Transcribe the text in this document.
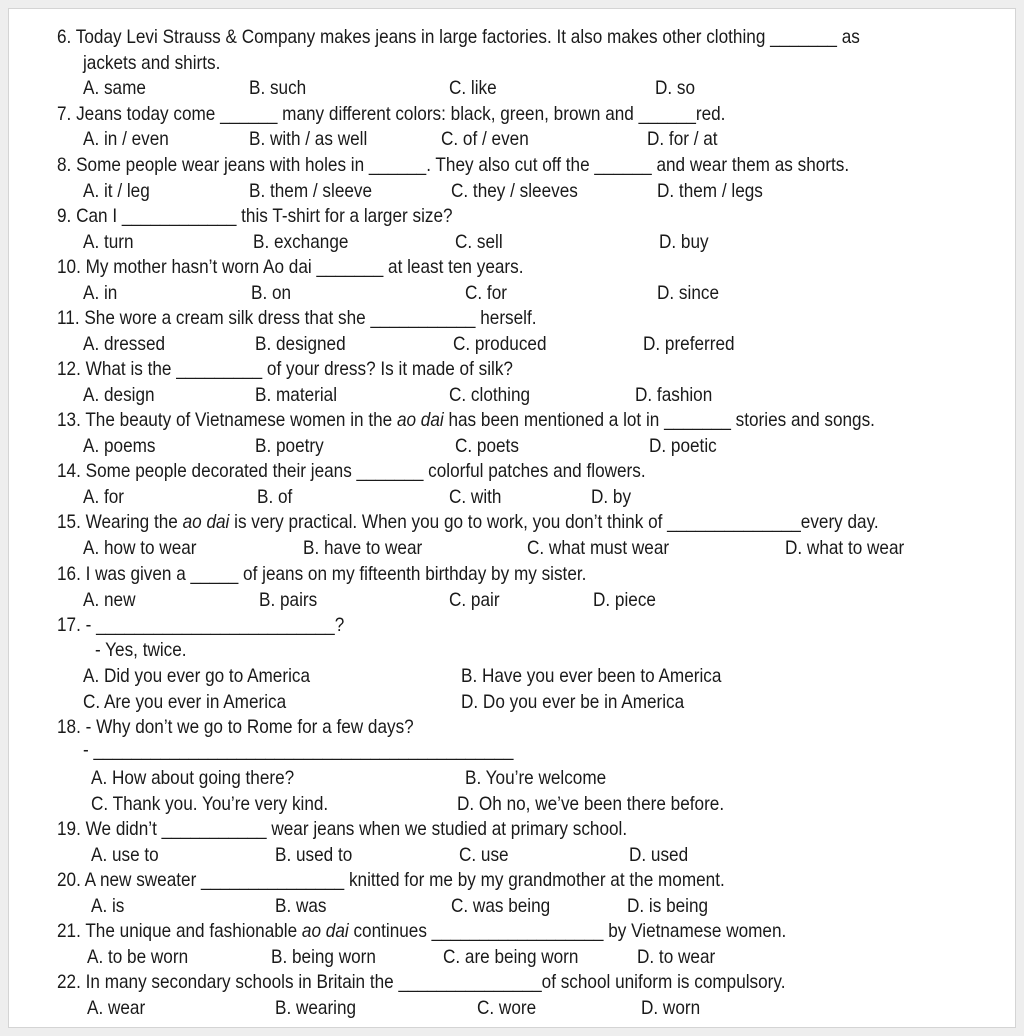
6. Today Levi Strauss & Company makes jeans in large factories. It also makes other clothing _______ as
jackets and shirts.
A. same	B. such	C. like	D. so
7. Jeans today come ______ many different colors: black, green, brown and ______red.
A. in / even	B. with / as well	C. of / even	D. for / at
8. Some people wear jeans with holes in ______. They also cut off the ______ and wear them as shorts.
A. it / leg	B. them / sleeve	C. they / sleeves	D. them / legs
9. Can I ____________ this T-shirt for a larger size?
A. turn	B. exchange	C. sell	D. buy
10. My mother hasn’t worn Ao dai _______ at least ten years.
A. in	B. on	C. for	D. since
11. She wore a cream silk dress that she ___________ herself.
A. dressed	B. designed	C. produced	D. preferred
12. What is the _________ of your dress? Is it made of silk?
A. design	B. material	C. clothing	D. fashion
13. The beauty of Vietnamese women in the ao dai has been mentioned a lot in _______ stories and songs.
A. poems	B. poetry	C. poets	D. poetic
14. Some people decorated their jeans _______ colorful patches and flowers.
A. for	B. of	C. with	D. by
15. Wearing the ao dai is very practical. When you go to work, you don’t think of ______________every day.
A. how to wear	B. have to wear	C. what must wear	D. what to wear
16. I was given a _____ of jeans on my fifteenth birthday by my sister.
A. new	B. pairs	C. pair	D. piece
17. - _________________________?
- Yes, twice.
A. Did you ever go to America	B. Have you ever been to America
C. Are you ever in America	D. Do you ever be in America
18. - Why don’t we go to Rome for a few days?
- ____________________________________________
A. How about going there?	B. You’re welcome
C. Thank you. You’re very kind.	D. Oh no, we’ve been there before.
19. We didn’t ___________ wear jeans when we studied at primary school.
A. use to	B. used to	C. use	D. used
20. A new sweater _______________ knitted for me by my grandmother at the moment.
A. is	B. was	C. was being	D. is being
21. The unique and fashionable ao dai continues __________________ by Vietnamese women.
A. to be worn	B. being worn	C. are being worn	D. to wear
22. In many secondary schools in Britain the _______________of school uniform is compulsory.
A. wear	B. wearing	C. wore	D. worn
